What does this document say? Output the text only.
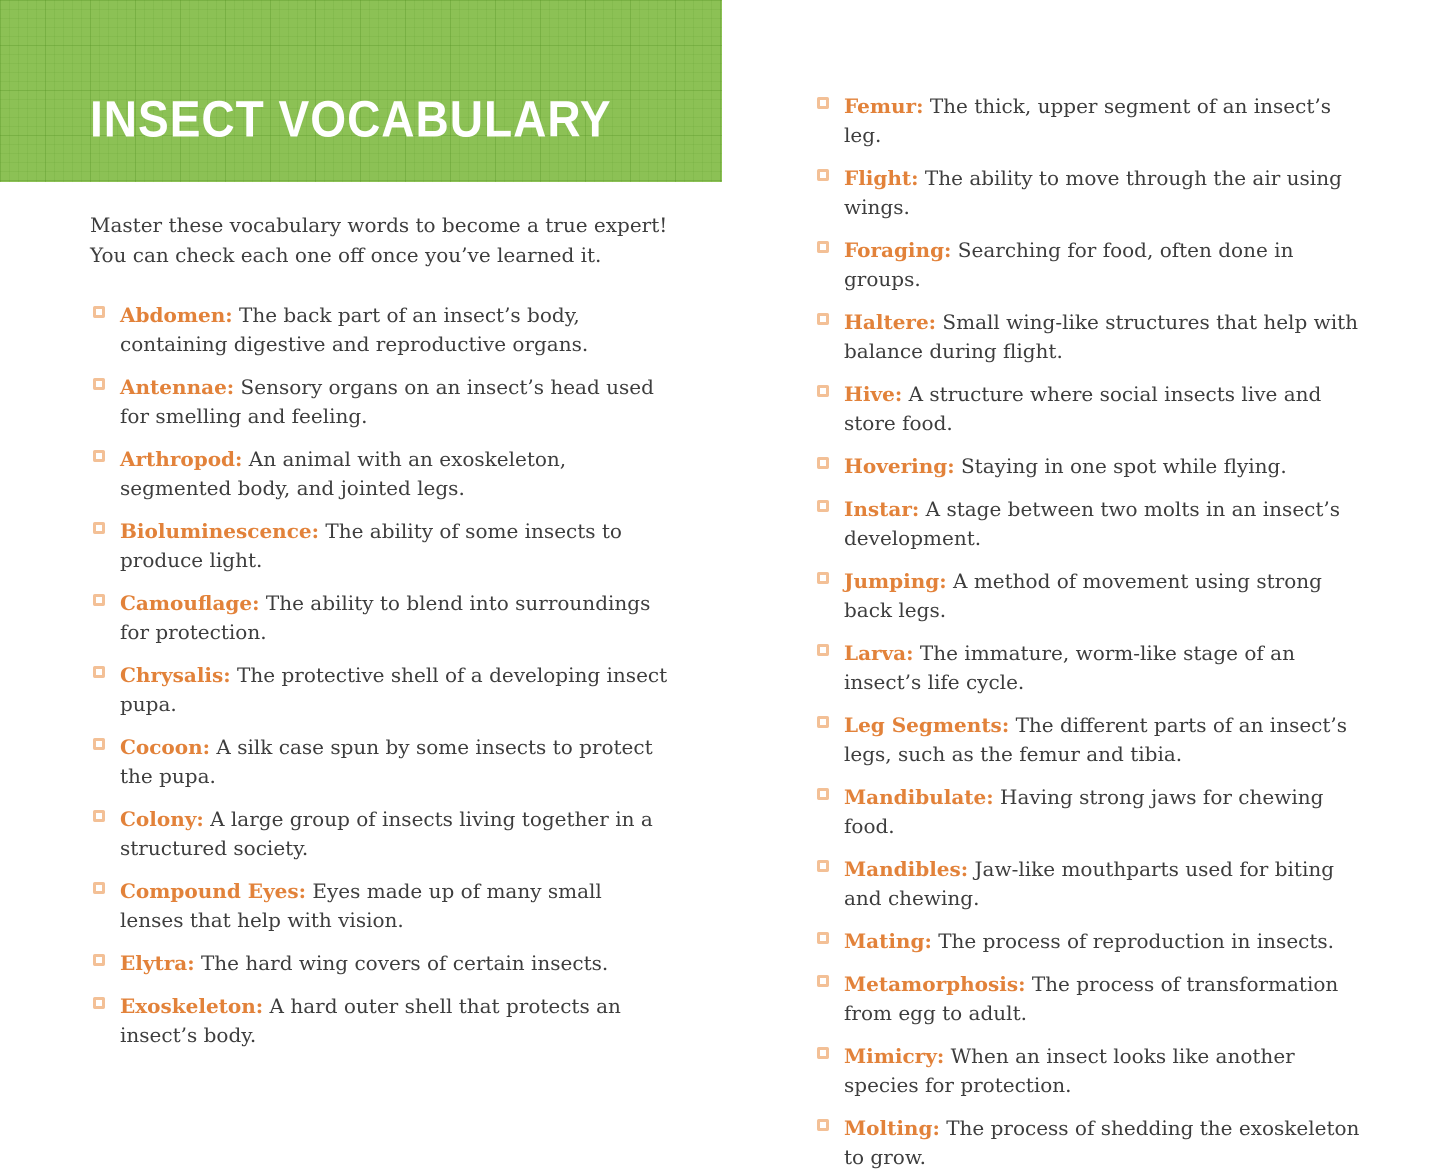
INSECT VOCABULARY

Master these vocabulary words to become a true expert! You can check each one off once you’ve learned it.

Abdomen: The back part of an insect’s body, containing digestive and reproductive organs.

Antennae: Sensory organs on an insect’s head used for smelling and feeling.

Arthropod: An animal with an exoskeleton, segmented body, and jointed legs.

Bioluminescence: The ability of some insects to produce light.

Camouflage: The ability to blend into surroundings for protection.

Chrysalis: The protective shell of a developing insect pupa.

Cocoon: A silk case spun by some insects to protect the pupa.

Colony: A large group of insects living together in a structured society.

Compound Eyes: Eyes made up of many small lenses that help with vision.

Elytra: The hard wing covers of certain insects.

Exoskeleton: A hard outer shell that protects an insect’s body.

Femur: The thick, upper segment of an insect’s leg.

Flight: The ability to move through the air using wings.

Foraging: Searching for food, often done in groups.

Haltere: Small wing-like structures that help with balance during flight.

Hive: A structure where social insects live and store food.

Hovering: Staying in one spot while flying.

Instar: A stage between two molts in an insect’s development.

Jumping: A method of movement using strong back legs.

Larva: The immature, worm-like stage of an insect’s life cycle.

Leg Segments: The different parts of an insect’s legs, such as the femur and tibia.

Mandibulate: Having strong jaws for chewing food.

Mandibles: Jaw-like mouthparts used for biting and chewing.

Mating: The process of reproduction in insects.

Metamorphosis: The process of transformation from egg to adult.

Mimicry: When an insect looks like another species for protection.

Molting: The process of shedding the exoskeleton to grow.
